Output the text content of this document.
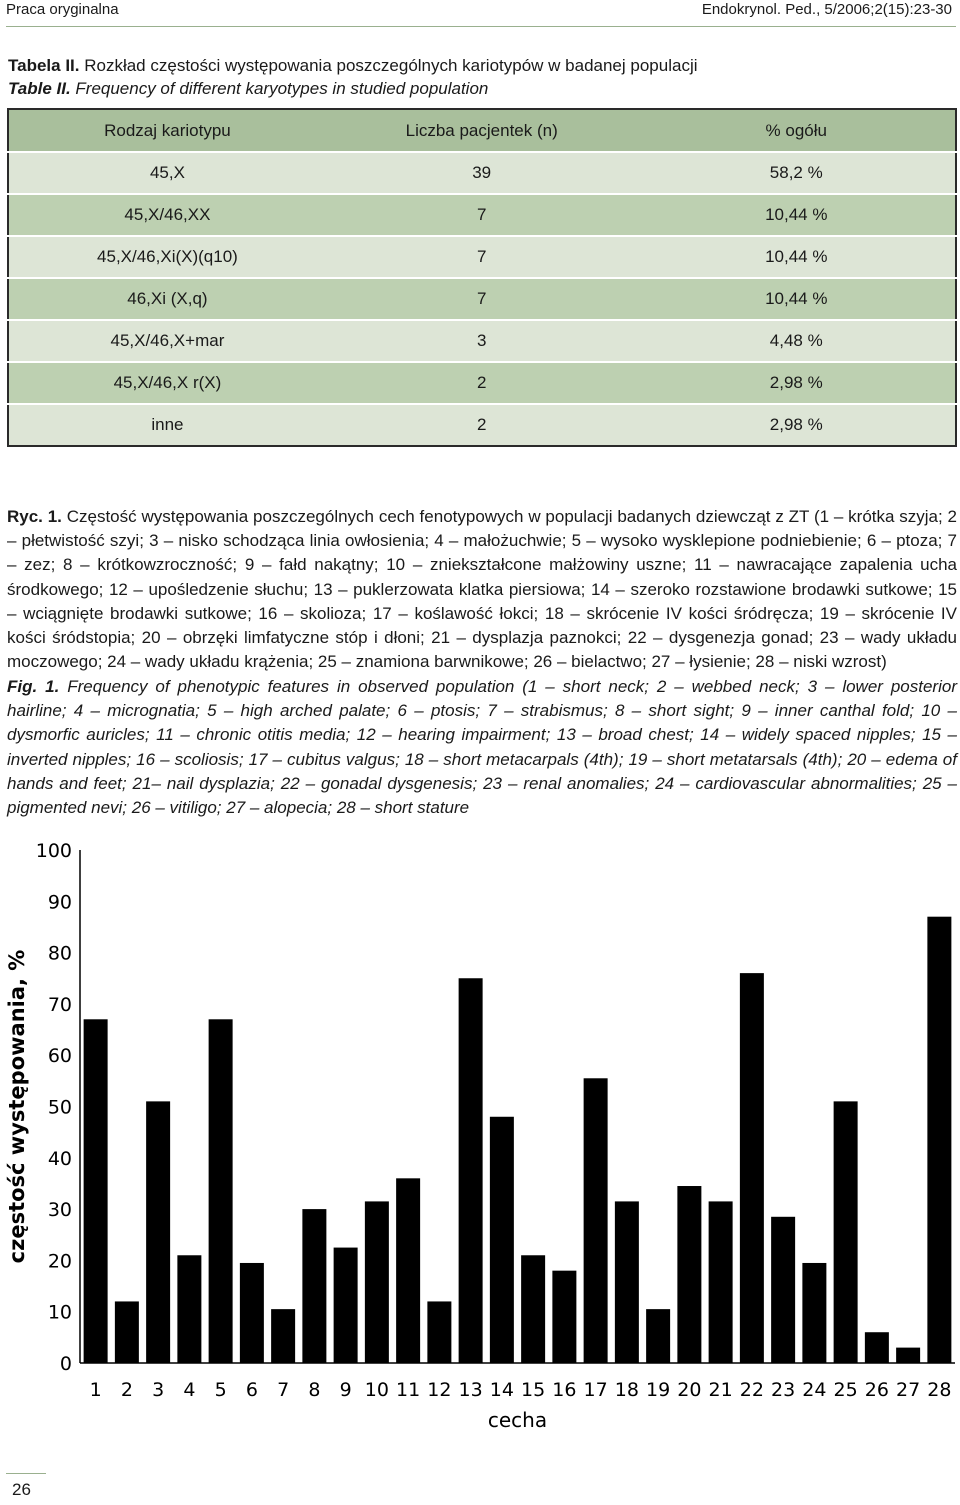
Praca oryginalna	Endokrynol. Ped., 5/2006;2(15):23-30
Tabela II. Rozkład częstości występowania poszczególnych kariotypów w badanej populacji
Table II. Frequency of different karyotypes in studied population
Rodzaj kariotypu	Liczba pacjentek (n)	% ogółu
45,X	39	58,2 %
45,X/46,XX	7	10,44 %
45,X/46,Xi(X)(q10)	7	10,44 %
46,Xi (X,q)	7	10,44 %
45,X/46,X+mar	3	4,48 %
45,X/46,X r(X)	2	2,98 %
inne	2	2,98 %
Ryc. 1. Częstość występowania poszczególnych cech fenotypowych w populacji badanych dziewcząt z ZT (1 – krótka szyja; 2 – płetwistość szyi; 3 – nisko schodząca linia owłosienia; 4 – małożuchwie; 5 – wysoko wysklepione podniebienie; 6 – ptoza; 7 – zez; 8 – krótkowzroczność; 9 – fałd nakątny; 10 – zniekształcone małżowiny uszne; 11 – nawracające zapalenia ucha środkowego; 12 – upośledzenie słuchu; 13 – puklerzowata klatka piersiowa; 14 – szeroko rozstawione brodawki sutkowe; 15 – wciągnięte brodawki sutkowe; 16 – skolioza; 17 – koślawość łokci; 18 – skrócenie IV kości śródręcza; 19 – skrócenie IV kości śródstopia; 20 – obrzęki limfatyczne stóp i dłoni; 21 – dysplazja paznokci; 22 – dysgenezja gonad; 23 – wady układu moczowego; 24 – wady układu krążenia; 25 – znamiona barwnikowe; 26 – bielactwo; 27 – łysienie; 28 – niski wzrost)
Fig. 1. Frequency of phenotypic features in observed population (1 – short neck; 2 – webbed neck; 3 – lower posterior hairline; 4 – micrognatia; 5 – high arched palate; 6 – ptosis; 7 – strabismus; 8 – short sight; 9 – inner canthal fold; 10 – dysmorfic auricles; 11 – chronic otitis media; 12 – hearing impairment; 13 – broad chest; 14 – widely spaced nipples; 15 – inverted nipples; 16 – scoliosis; 17 – cubitus valgus; 18 – short metacarpals (4th); 19 – short metatarsals (4th); 20 – edema of hands and feet; 21– nail dysplazia; 22 – gonadal dysgenesis; 23 – renal anomalies; 24 – cardiovascular abnormalities; 25 – pigmented nevi; 26 – vitiligo; 27 – alopecia; 28 – short stature
0
10
20
30
40
50
60
70
80
90
100
1 2 3 4 5 6 7 8 9 10 11 12 13 14 15 16 17 18 19 20 21 22 23 24 25 26 27 28
cecha
częstość występowania, %
26
